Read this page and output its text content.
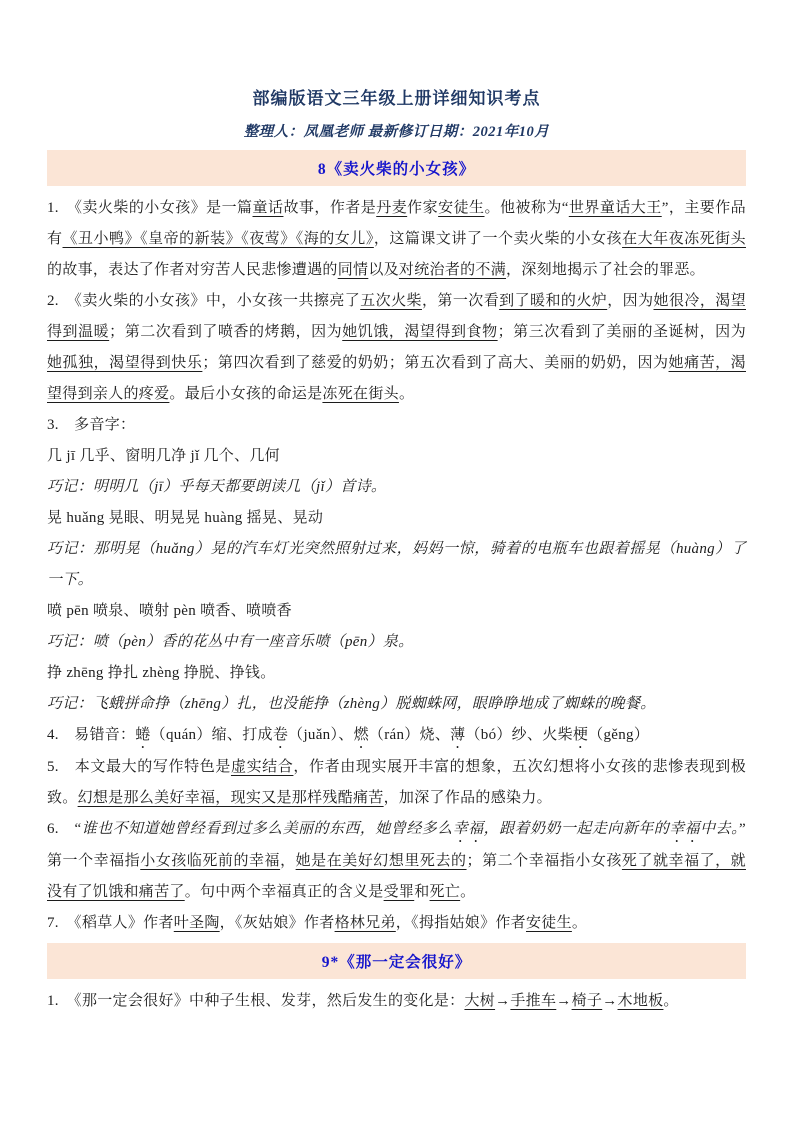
部编版语文三年级上册详细知识考点
整理人：凤凰老师 最新修订日期：2021年10月
8《卖火柴的小女孩》

1.　《卖火柴的小女孩》是一篇童话故事，作者是丹麦作家安徒生。他被称为“世界童话大王”，主要作品有《丑小鸭》《皇帝的新装》《夜莺》《海的女儿》，这篇课文讲了一个卖火柴的小女孩在大年夜冻死街头的故事，表达了作者对穷苦人民悲惨遭遇的同情以及对统治者的不满，深刻地揭示了社会的罪恶。

2.　《卖火柴的小女孩》中，小女孩一共擦亮了五次火柴，第一次看到了暖和的火炉，因为她很冷，渴望得到温暖；第二次看到了喷香的烤鹅，因为她饥饿，渴望得到食物；第三次看到了美丽的圣诞树，因为她孤独，渴望得到快乐；第四次看到了慈爱的奶奶；第五次看到了高大、美丽的奶奶，因为她痛苦，渴望得到亲人的疼爱。最后小女孩的命运是冻死在街头。

3.　多音字：

几 jī 几乎、窗明几净 jǐ 几个、几何

巧记：明明几（jī）乎每天都要朗读几（jǐ）首诗。

晃 huǎng 晃眼、明晃晃 huàng 摇晃、晃动

巧记：那明晃（huǎng）晃的汽车灯光突然照射过来，妈妈一惊，骑着的电瓶车也跟着摇晃（huàng）了一下。

喷 pēn 喷泉、喷射 pèn 喷香、喷喷香

巧记：喷（pèn）香的花丛中有一座音乐喷（pēn）泉。

挣 zhēng 挣扎 zhèng 挣脱、挣钱。

巧记：飞蛾拼命挣（zhēng）扎，也没能挣（zhèng）脱蜘蛛网，眼睁睁地成了蜘蛛的晚餐。

4.　易错音：蜷（quán）缩、打成卷（juǎn）、燃（rán）烧、薄（bó）纱、火柴梗（gěng）

5.　本文最大的写作特色是虚实结合，作者由现实展开丰富的想象，五次幻想将小女孩的悲惨表现到极致。幻想是那么美好幸福，现实又是那样残酷痛苦，加深了作品的感染力。

6.　“谁也不知道她曾经看到过多么美丽的东西，她曾经多么幸福，跟着奶奶一起走向新年的幸福中去。”第一个幸福指小女孩临死前的幸福，她是在美好幻想里死去的；第二个幸福指小女孩死了就幸福了，就没有了饥饿和痛苦了。句中两个幸福真正的含义是受罪和死亡。

7.　《稻草人》作者叶圣陶，《灰姑娘》作者格林兄弟，《拇指姑娘》作者安徒生。

9*《那一定会很好》

1.　《那一定会很好》中种子生根、发芽，然后发生的变化是：大树→手推车→椅子→木地板。
